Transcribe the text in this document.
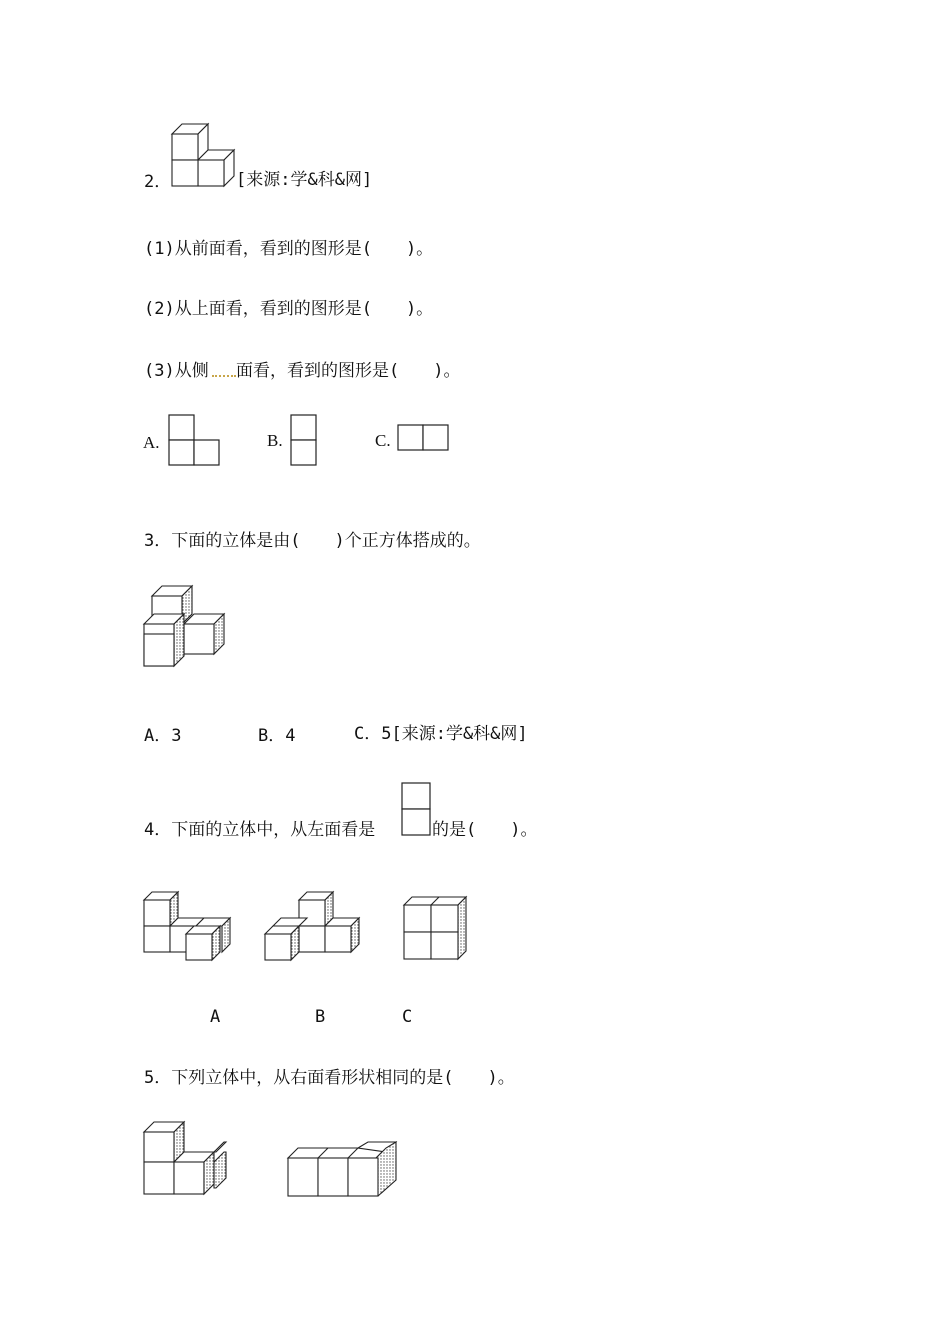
2．	[来源:学&科&网]
(1)从前面看，看到的图形是(　　)。
(2)从上面看，看到的图形是(　　)。
(3)从侧 面看，看到的图形是(　　)。
A.	B.	C.
3．下面的立体是由(　　)个正方体搭成的。
A．3	B．4	C．5[来源:学&科&网]
4．下面的立体中，从左面看是	的是(　　)。
A	B	C
5．下列立体中，从右面看形状相同的是(　　)。
